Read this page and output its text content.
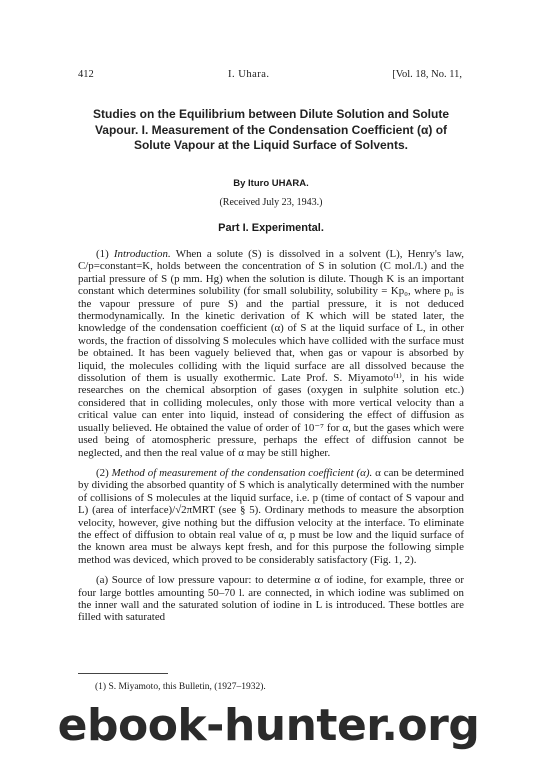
412	I. Uhara.	[Vol. 18, No. 11,
Studies on the Equilibrium between Dilute Solution and Solute Vapour. I. Measurement of the Condensation Coefficient (α) of Solute Vapour at the Liquid Surface of Solvents.
By Ituro UHARA.
(Received July 23, 1943.)
Part I. Experimental.

(1) Introduction. When a solute (S) is dissolved in a solvent (L), Henry's law, C/p=constant=K, holds between the concentration of S in solution (C mol./l.) and the partial pressure of S (p mm. Hg) when the solution is dilute. Though K is an important constant which determines solubility (for small solubility, solubility = Kp₀, where p₀ is the vapour pressure of pure S) and the partial pressure, it is not deduced thermodynamically. In the kinetic derivation of K which will be stated later, the knowledge of the condensation coefficient (α) of S at the liquid surface of L, in other words, the fraction of dissolving S molecules which have collided with the surface must be obtained. It has been vaguely believed that, when gas or vapour is absorbed by liquid, the molecules colliding with the liquid surface are all dissolved because the dissolution of them is usually exothermic. Late Prof. S. Miyamoto⁽¹⁾, in his wide researches on the chemical absorption of gases (oxygen in sulphite solution etc.) considered that in colliding molecules, only those with more vertical velocity than a critical value can enter into liquid, instead of considering the effect of diffusion as usually believed. He obtained the value of order of 10⁻⁷ for α, but the gases which were used being of atomospheric pressure, perhaps the effect of diffusion cannot be neglected, and then the real value of α may be still higher.

(2) Method of measurement of the condensation coefficient (α). α can be determined by dividing the absorbed quantity of S which is analytically determined with the number of collisions of S molecules at the liquid surface, i.e. p (time of contact of S vapour and L) (area of interface)/√2πMRT (see § 5). Ordinary methods to measure the absorption velocity, however, give nothing but the diffusion velocity at the interface. To eliminate the effect of diffusion to obtain real value of α, p must be low and the liquid surface of the known area must be always kept fresh, and for this purpose the following simple method was deviced, which proved to be considerably satisfactory (Fig. 1, 2).

(a) Source of low pressure vapour: to determine α of iodine, for example, three or four large bottles amounting 50–70 l. are connected, in which iodine was sublimed on the inner wall and the saturated solution of iodine in L is introduced. These bottles are filled with saturated

(1) S. Miyamoto, this Bulletin, (1927–1932).
ebook-hunter.org
